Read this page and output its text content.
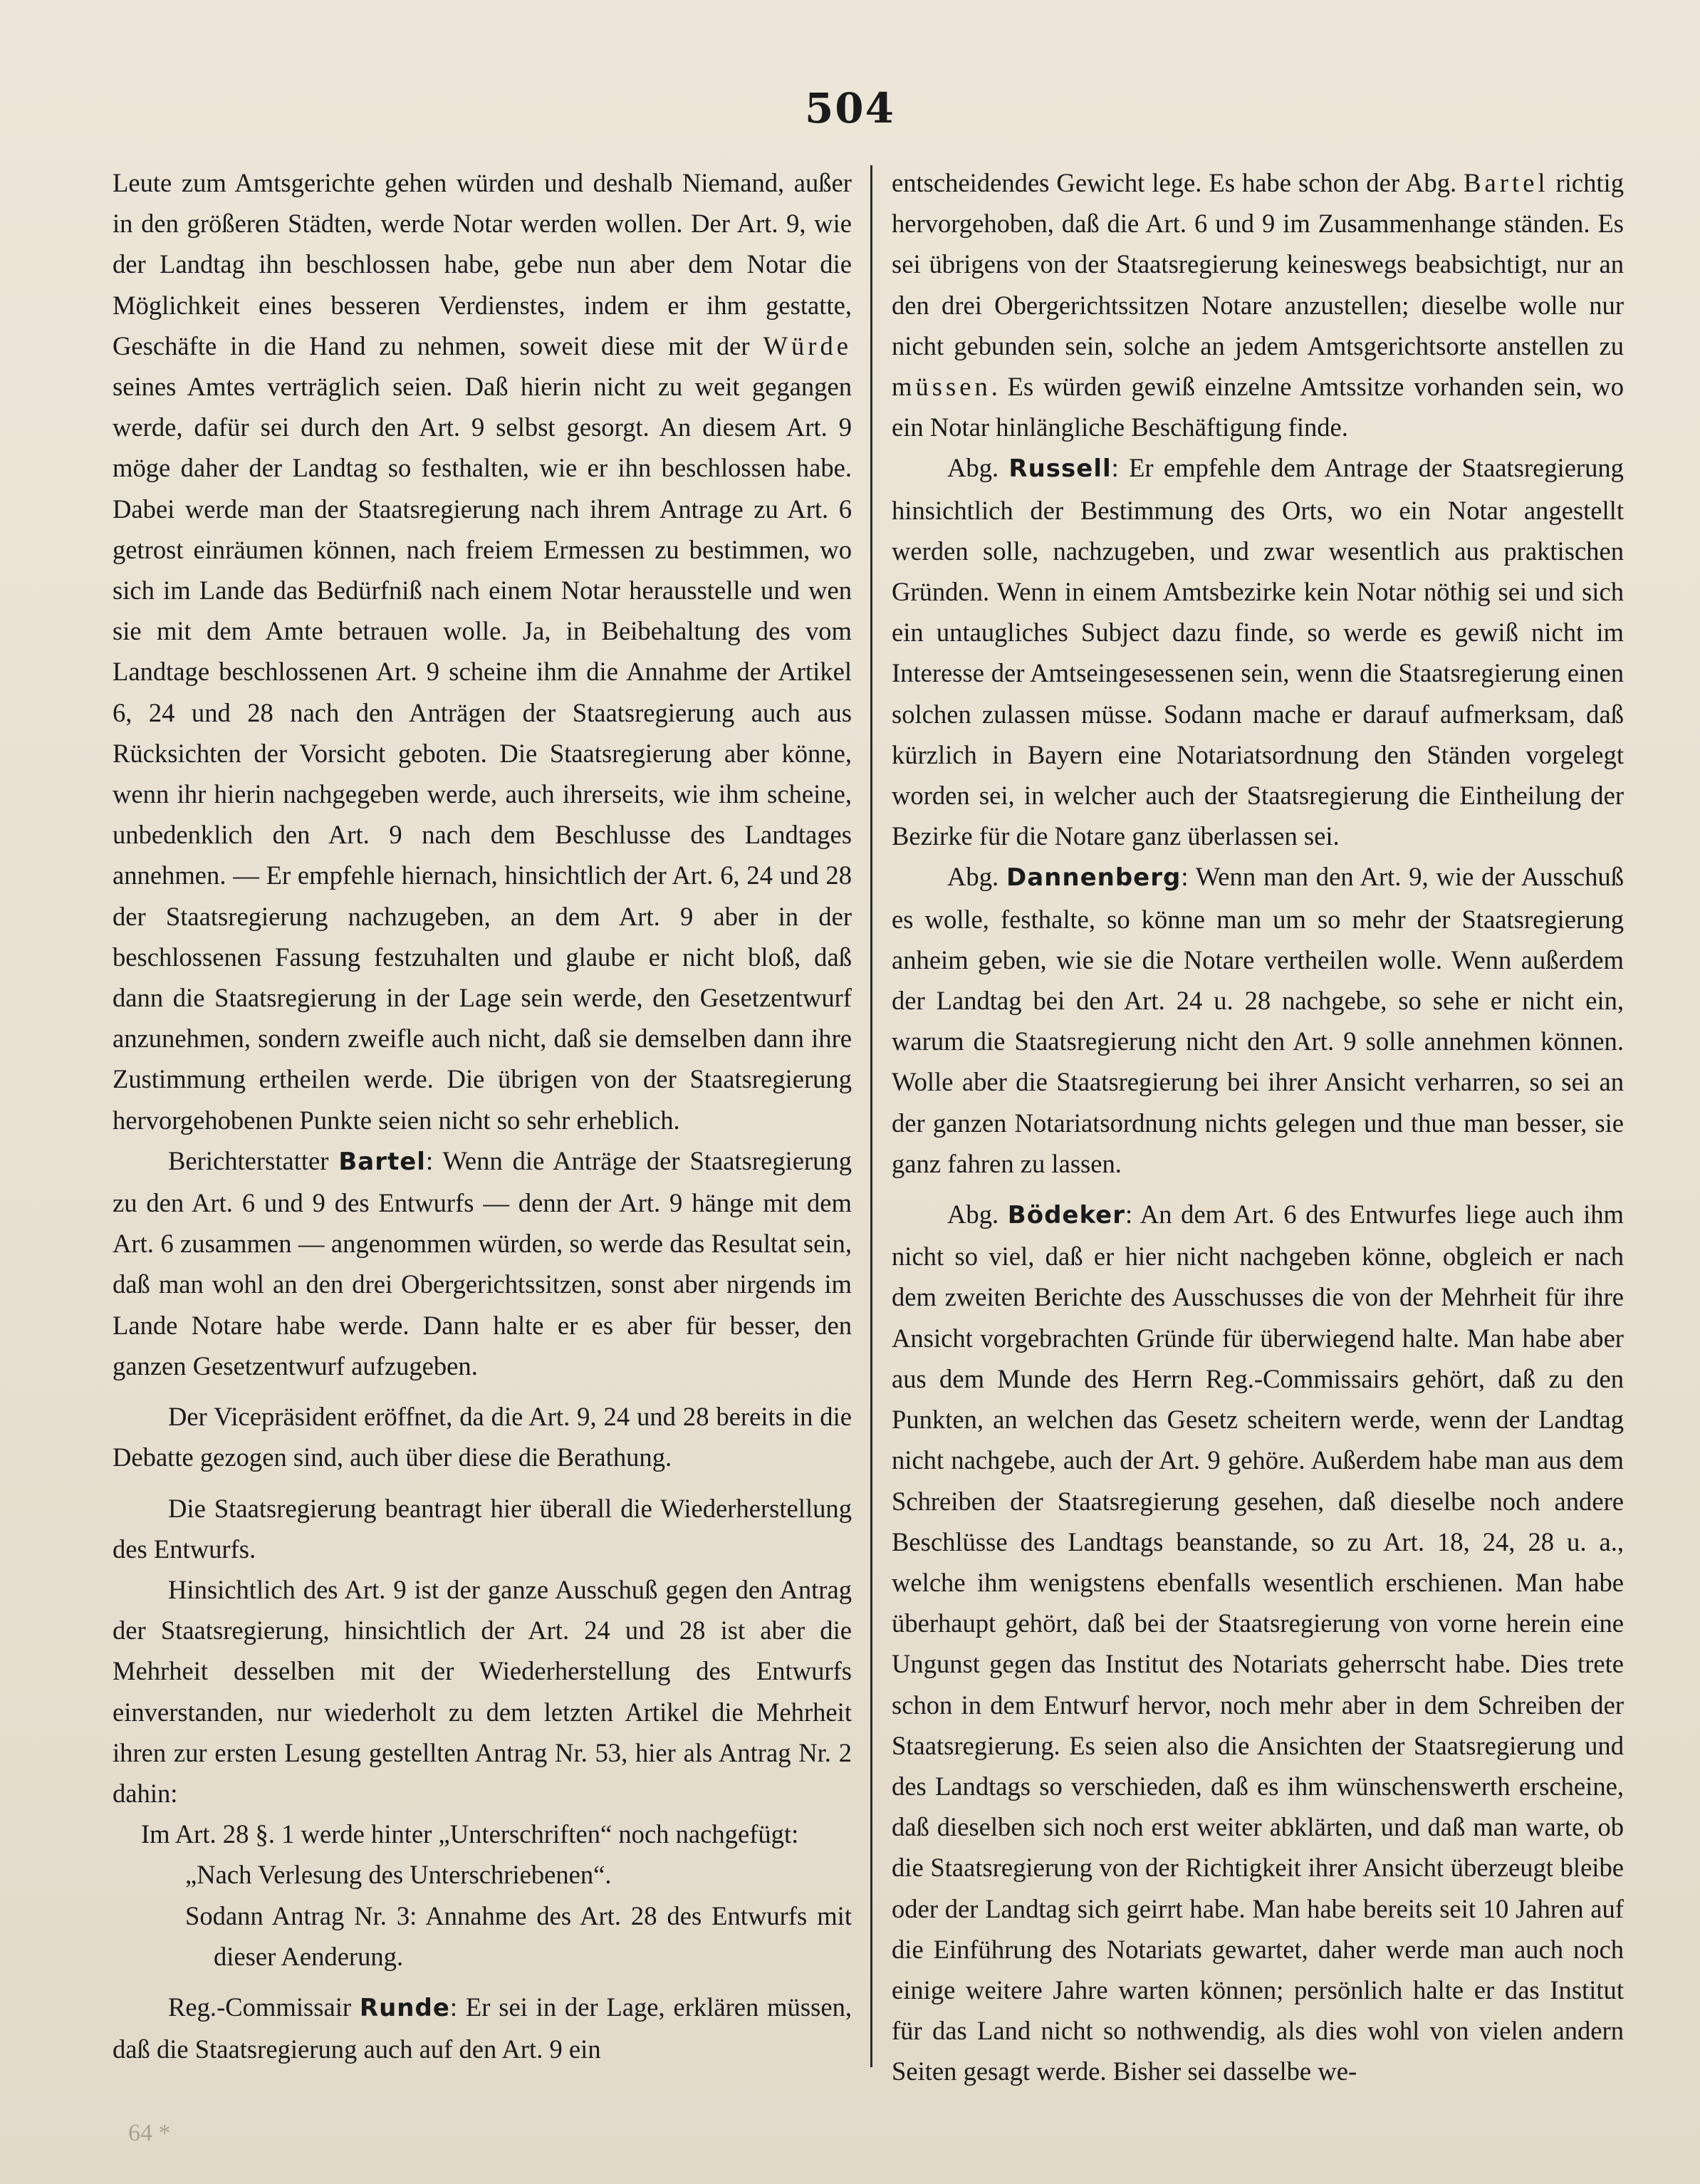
504

Leute zum Amtsgerichte gehen würden und deshalb Niemand, außer in den größeren Städten, werde Notar werden wollen. Der Art. 9, wie der Landtag ihn beschlossen habe, gebe nun aber dem Notar die Möglichkeit eines besseren Verdienstes, indem er ihm gestatte, Geschäfte in die Hand zu nehmen, soweit diese mit der Würde seines Amtes verträglich seien. Daß hierin nicht zu weit gegangen werde, dafür sei durch den Art. 9 selbst gesorgt. An diesem Art. 9 möge daher der Landtag so festhalten, wie er ihn beschlossen habe. Dabei werde man der Staatsregierung nach ihrem Antrage zu Art. 6 getrost einräumen können, nach freiem Ermessen zu bestimmen, wo sich im Lande das Bedürfniß nach einem Notar herausstelle und wen sie mit dem Amte betrauen wolle. Ja, in Beibehaltung des vom Landtage beschlossenen Art. 9 scheine ihm die Annahme der Artikel 6, 24 und 28 nach den Anträgen der Staatsregierung auch aus Rücksichten der Vorsicht geboten. Die Staatsregierung aber könne, wenn ihr hierin nachgegeben werde, auch ihrerseits, wie ihm scheine, unbedenklich den Art. 9 nach dem Beschlusse des Landtages annehmen. — Er empfehle hiernach, hinsichtlich der Art. 6, 24 und 28 der Staatsregierung nachzugeben, an dem Art. 9 aber in der beschlossenen Fassung festzuhalten und glaube er nicht bloß, daß dann die Staatsregierung in der Lage sein werde, den Gesetzentwurf anzunehmen, sondern zweifle auch nicht, daß sie demselben dann ihre Zustimmung ertheilen werde. Die übrigen von der Staatsregierung hervorgehobenen Punkte seien nicht so sehr erheblich.

Berichterstatter Bartel: Wenn die Anträge der Staatsregierung zu den Art. 6 und 9 des Entwurfs — denn der Art. 9 hänge mit dem Art. 6 zusammen — angenommen würden, so werde das Resultat sein, daß man wohl an den drei Obergerichtssitzen, sonst aber nirgends im Lande Notare habe werde. Dann halte er es aber für besser, den ganzen Gesetzentwurf aufzugeben.

Der Vicepräsident eröffnet, da die Art. 9, 24 und 28 bereits in die Debatte gezogen sind, auch über diese die Berathung.

Die Staatsregierung beantragt hier überall die Wiederherstellung des Entwurfs.

Hinsichtlich des Art. 9 ist der ganze Ausschuß gegen den Antrag der Staatsregierung, hinsichtlich der Art. 24 und 28 ist aber die Mehrheit desselben mit der Wiederherstellung des Entwurfs einverstanden, nur wiederholt zu dem letzten Artikel die Mehrheit ihren zur ersten Lesung gestellten Antrag Nr. 53, hier als Antrag Nr. 2 dahin:

Im Art. 28 §. 1 werde hinter „Unterschriften“ noch nachgefügt:

„Nach Verlesung des Unterschriebenen“.

Sodann Antrag Nr. 3: Annahme des Art. 28 des Entwurfs mit dieser Aenderung.

Reg.-Commissair Runde: Er sei in der Lage, erklären müssen, daß die Staatsregierung auch auf den Art. 9 ein

entscheidendes Gewicht lege. Es habe schon der Abg. Bartel richtig hervorgehoben, daß die Art. 6 und 9 im Zusammenhange ständen. Es sei übrigens von der Staatsregierung keineswegs beabsichtigt, nur an den drei Obergerichtssitzen Notare anzustellen; dieselbe wolle nur nicht gebunden sein, solche an jedem Amtsgerichtsorte anstellen zu müssen. Es würden gewiß einzelne Amtssitze vorhanden sein, wo ein Notar hinlängliche Beschäftigung finde.

Abg. Russell: Er empfehle dem Antrage der Staatsregierung hinsichtlich der Bestimmung des Orts, wo ein Notar angestellt werden solle, nachzugeben, und zwar wesentlich aus praktischen Gründen. Wenn in einem Amtsbezirke kein Notar nöthig sei und sich ein untaugliches Subject dazu finde, so werde es gewiß nicht im Interesse der Amtseingesessenen sein, wenn die Staatsregierung einen solchen zulassen müsse. Sodann mache er darauf aufmerksam, daß kürzlich in Bayern eine Notariatsordnung den Ständen vorgelegt worden sei, in welcher auch der Staatsregierung die Eintheilung der Bezirke für die Notare ganz überlassen sei.

Abg. Dannenberg: Wenn man den Art. 9, wie der Ausschuß es wolle, festhalte, so könne man um so mehr der Staatsregierung anheim geben, wie sie die Notare vertheilen wolle. Wenn außerdem der Landtag bei den Art. 24 u. 28 nachgebe, so sehe er nicht ein, warum die Staatsregierung nicht den Art. 9 solle annehmen können. Wolle aber die Staatsregierung bei ihrer Ansicht verharren, so sei an der ganzen Notariatsordnung nichts gelegen und thue man besser, sie ganz fahren zu lassen.

Abg. Bödeker: An dem Art. 6 des Entwurfes liege auch ihm nicht so viel, daß er hier nicht nachgeben könne, obgleich er nach dem zweiten Berichte des Ausschusses die von der Mehrheit für ihre Ansicht vorgebrachten Gründe für überwiegend halte. Man habe aber aus dem Munde des Herrn Reg.-Commissairs gehört, daß zu den Punkten, an welchen das Gesetz scheitern werde, wenn der Landtag nicht nachgebe, auch der Art. 9 gehöre. Außerdem habe man aus dem Schreiben der Staatsregierung gesehen, daß dieselbe noch andere Beschlüsse des Landtags beanstande, so zu Art. 18, 24, 28 u. a., welche ihm wenigstens ebenfalls wesentlich erschienen. Man habe überhaupt gehört, daß bei der Staatsregierung von vorne herein eine Ungunst gegen das Institut des Notariats geherrscht habe. Dies trete schon in dem Entwurf hervor, noch mehr aber in dem Schreiben der Staatsregierung. Es seien also die Ansichten der Staatsregierung und des Landtags so verschieden, daß es ihm wünschenswerth erscheine, daß dieselben sich noch erst weiter abklärten, und daß man warte, ob die Staatsregierung von der Richtigkeit ihrer Ansicht überzeugt bleibe oder der Landtag sich geirrt habe. Man habe bereits seit 10 Jahren auf die Einführung des Notariats gewartet, daher werde man auch noch einige weitere Jahre warten können; persönlich halte er das Institut für das Land nicht so nothwendig, als dies wohl von vielen andern Seiten gesagt werde. Bisher sei dasselbe we-

64 *
